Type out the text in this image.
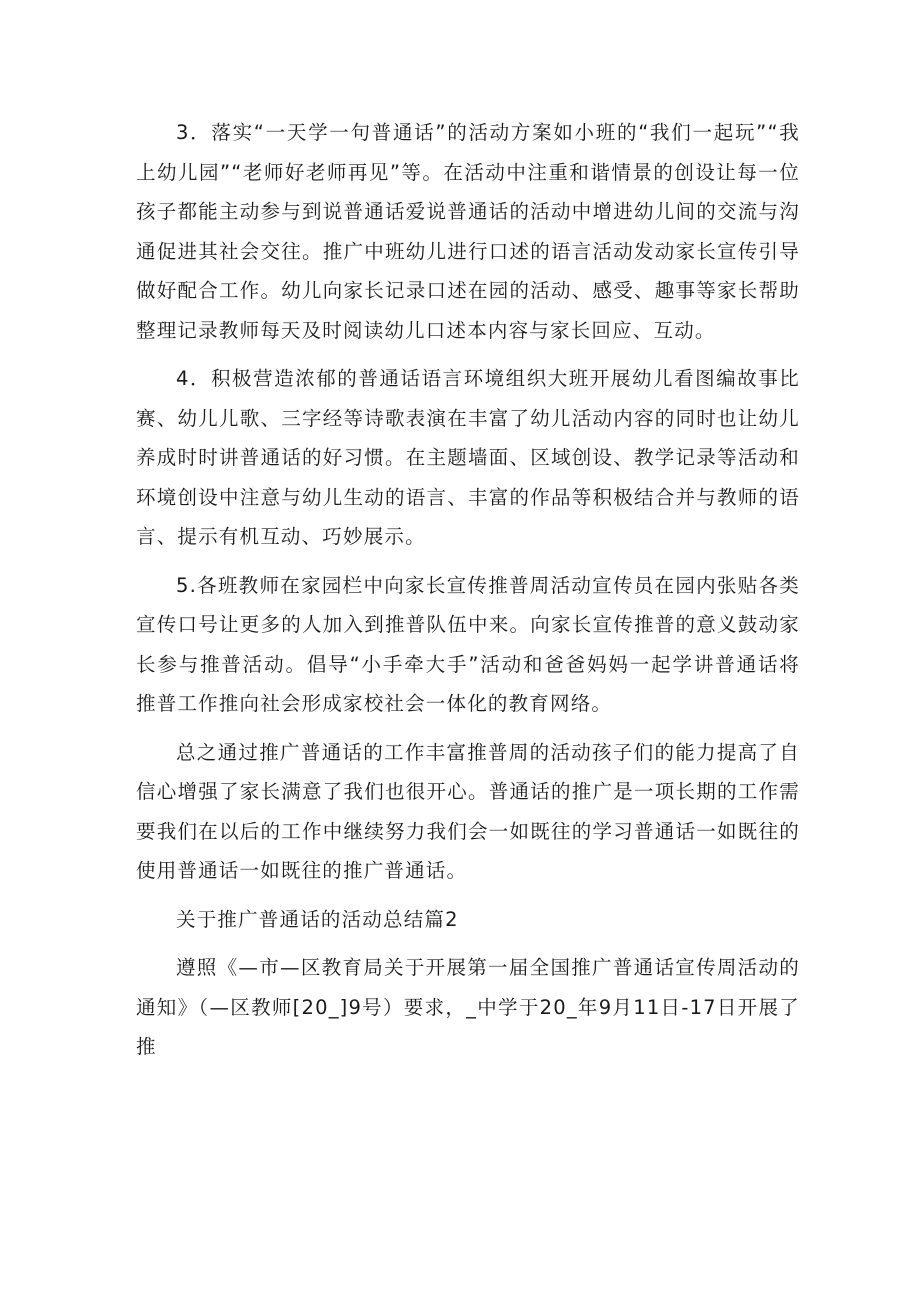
3．落实“一天学一句普通话”的活动方案如小班的“我们一起玩”“我上幼儿园”“老师好老师再见”等。在活动中注重和谐情景的创设让每一位孩子都能主动参与到说普通话爱说普通话的活动中增进幼儿间的交流与沟通促进其社会交往。推广中班幼儿进行口述的语言活动发动家长宣传引导做好配合工作。幼儿向家长记录口述在园的活动、感受、趣事等家长帮助整理记录教师每天及时阅读幼儿口述本内容与家长回应、互动。

4．积极营造浓郁的普通话语言环境组织大班开展幼儿看图编故事比赛、幼儿儿歌、三字经等诗歌表演在丰富了幼儿活动内容的同时也让幼儿养成时时讲普通话的好习惯。在主题墙面、区域创设、教学记录等活动和环境创设中注意与幼儿生动的语言、丰富的作品等积极结合并与教师的语言、提示有机互动、巧妙展示。

5.各班教师在家园栏中向家长宣传推普周活动宣传员在园内张贴各类宣传口号让更多的人加入到推普队伍中来。向家长宣传推普的意义鼓动家长参与推普活动。倡导“小手牵大手”活动和爸爸妈妈一起学讲普通话将推普工作推向社会形成家校社会一体化的教育网络。

总之通过推广普通话的工作丰富推普周的活动孩子们的能力提高了自信心增强了家长满意了我们也很开心。普通话的推广是一项长期的工作需要我们在以后的工作中继续努力我们会一如既往的学习普通话一如既往的使用普通话一如既往的推广普通话。

关于推广普通话的活动总结篇2

遵照《—市—区教育局关于开展第一届全国推广普通话宣传周活动的通知》（—区教师[20_]9号）要求，_中学于20_年9月11日-17日开展了推
